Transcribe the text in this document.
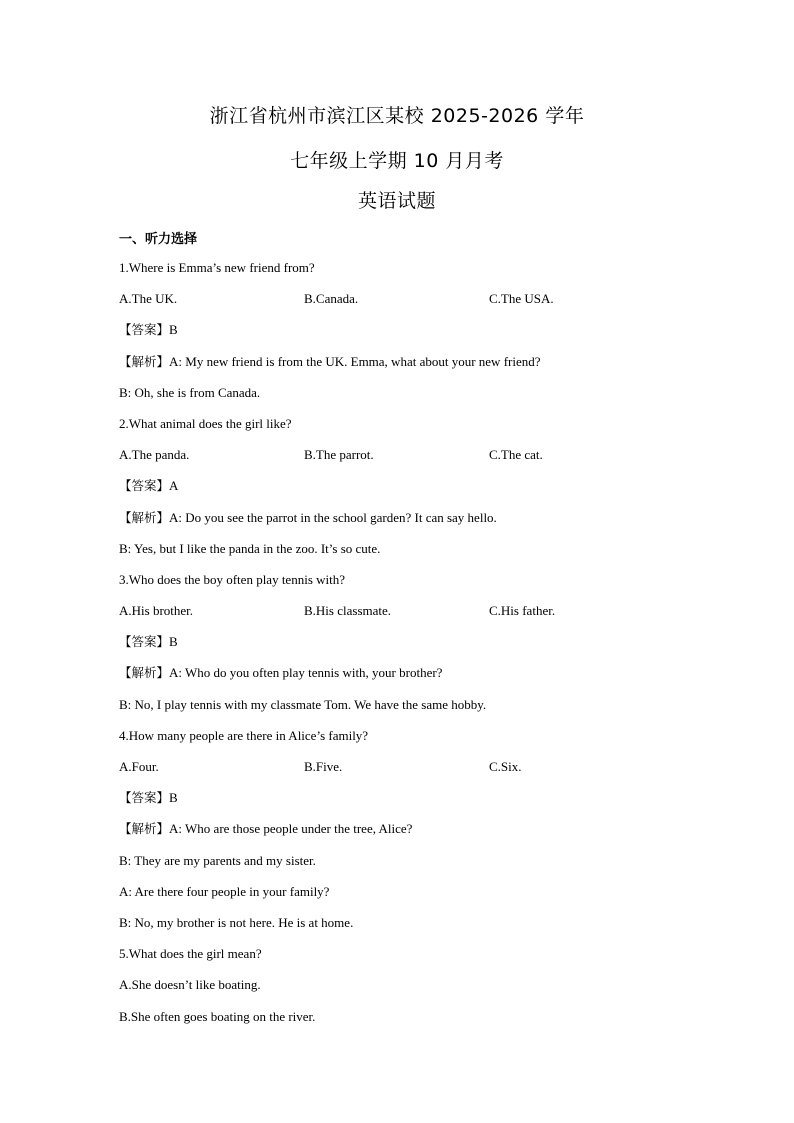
浙江省杭州市滨江区某校 2025-2026 学年
七年级上学期 10 月月考
英语试题
一、听力选择
1.Where is Emma’s new friend from?
A.The UK.	B.Canada.	C.The USA.
【答案】B
【解析】A: My new friend is from the UK. Emma, what about your new friend?
B: Oh, she is from Canada.
2.What animal does the girl like?
A.The panda.	B.The parrot.	C.The cat.
【答案】A
【解析】A: Do you see the parrot in the school garden? It can say hello.
B: Yes, but I like the panda in the zoo. It’s so cute.
3.Who does the boy often play tennis with?
A.His brother.	B.His classmate.	C.His father.
【答案】B
【解析】A: Who do you often play tennis with, your brother?
B: No, I play tennis with my classmate Tom. We have the same hobby.
4.How many people are there in Alice’s family?
A.Four.	B.Five.	C.Six.
【答案】B
【解析】A: Who are those people under the tree, Alice?
B: They are my parents and my sister.
A: Are there four people in your family?
B: No, my brother is not here. He is at home.
5.What does the girl mean?
A.She doesn’t like boating.
B.She often goes boating on the river.
